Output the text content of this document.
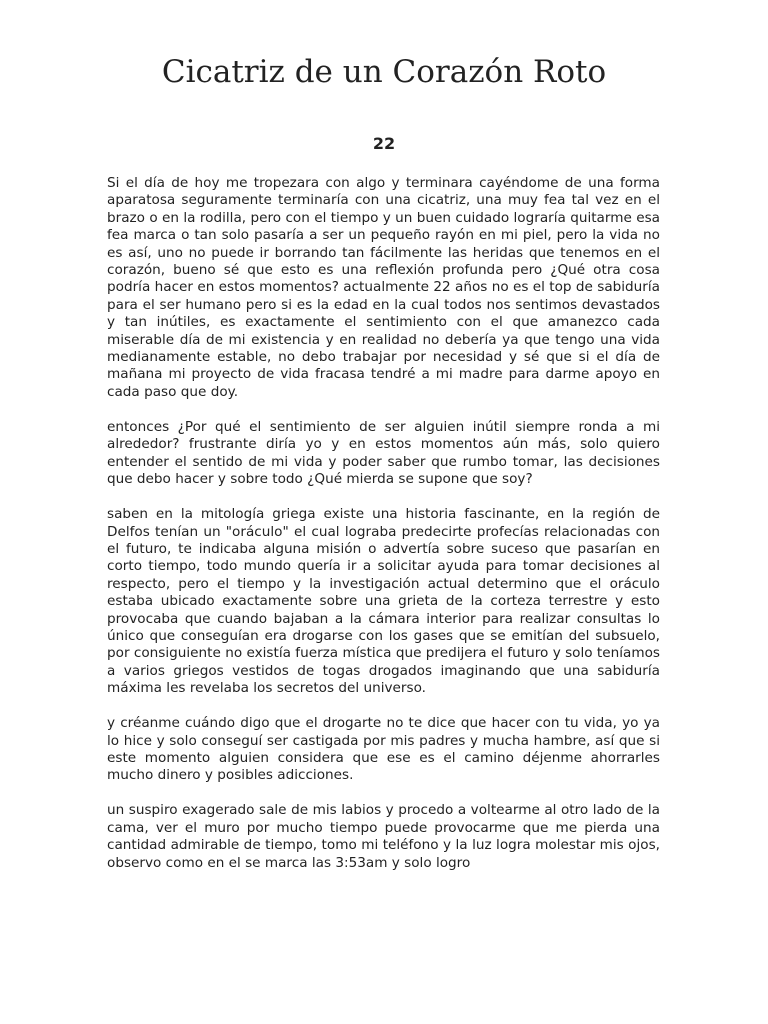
Cicatriz de un Corazón Roto
22

Si el día de hoy me tropezara con algo y terminara cayéndome de una forma aparatosa seguramente terminaría con una cicatriz, una muy fea tal vez en el brazo o en la rodilla, pero con el tiempo y un buen cuidado lograría quitarme esa fea marca o tan solo pasaría a ser un pequeño rayón en mi piel, pero la vida no es así, uno no puede ir borrando tan fácilmente las heridas que tenemos en el corazón, bueno sé que esto es una reflexión profunda pero ¿Qué otra cosa podría hacer en estos momentos? actualmente 22 años no es el top de sabiduría para el ser humano pero si es la edad en la cual todos nos sentimos devastados y tan inútiles, es exactamente el sentimiento con el que amanezco cada miserable día de mi existencia y en realidad no debería ya que tengo una vida medianamente estable, no debo trabajar por necesidad y sé que si el día de mañana mi proyecto de vida fracasa tendré a mi madre para darme apoyo en cada paso que doy.

entonces ¿Por qué el sentimiento de ser alguien inútil siempre ronda a mi alrededor? frustrante diría yo y en estos momentos aún más, solo quiero entender el sentido de mi vida y poder saber que rumbo tomar, las decisiones que debo hacer y sobre todo ¿Qué mierda se supone que soy?

saben en la mitología griega existe una historia fascinante, en la región de Delfos tenían un "oráculo" el cual lograba predecirte profecías relacionadas con el futuro, te indicaba alguna misión o advertía sobre suceso que pasarían en corto tiempo, todo mundo quería ir a solicitar ayuda para tomar decisiones al respecto, pero el tiempo y la investigación actual determino que el oráculo estaba ubicado exactamente sobre una grieta de la corteza terrestre y esto provocaba que cuando bajaban a la cámara interior para realizar consultas lo único que conseguían era drogarse con los gases que se emitían del subsuelo, por consiguiente no existía fuerza mística que predijera el futuro y solo teníamos a varios griegos vestidos de togas drogados imaginando que una sabiduría máxima les revelaba los secretos del universo.

y créanme cuándo digo que el drogarte no te dice que hacer con tu vida, yo ya lo hice y solo conseguí ser castigada por mis padres y mucha hambre, así que si este momento alguien considera que ese es el camino déjenme ahorrarles mucho dinero y posibles adicciones.

un suspiro exagerado sale de mis labios y procedo a voltearme al otro lado de la cama, ver el muro por mucho tiempo puede provocarme que me pierda una cantidad admirable de tiempo, tomo mi teléfono y la luz logra molestar mis ojos, observo como en el se marca las 3:53am y solo logro
